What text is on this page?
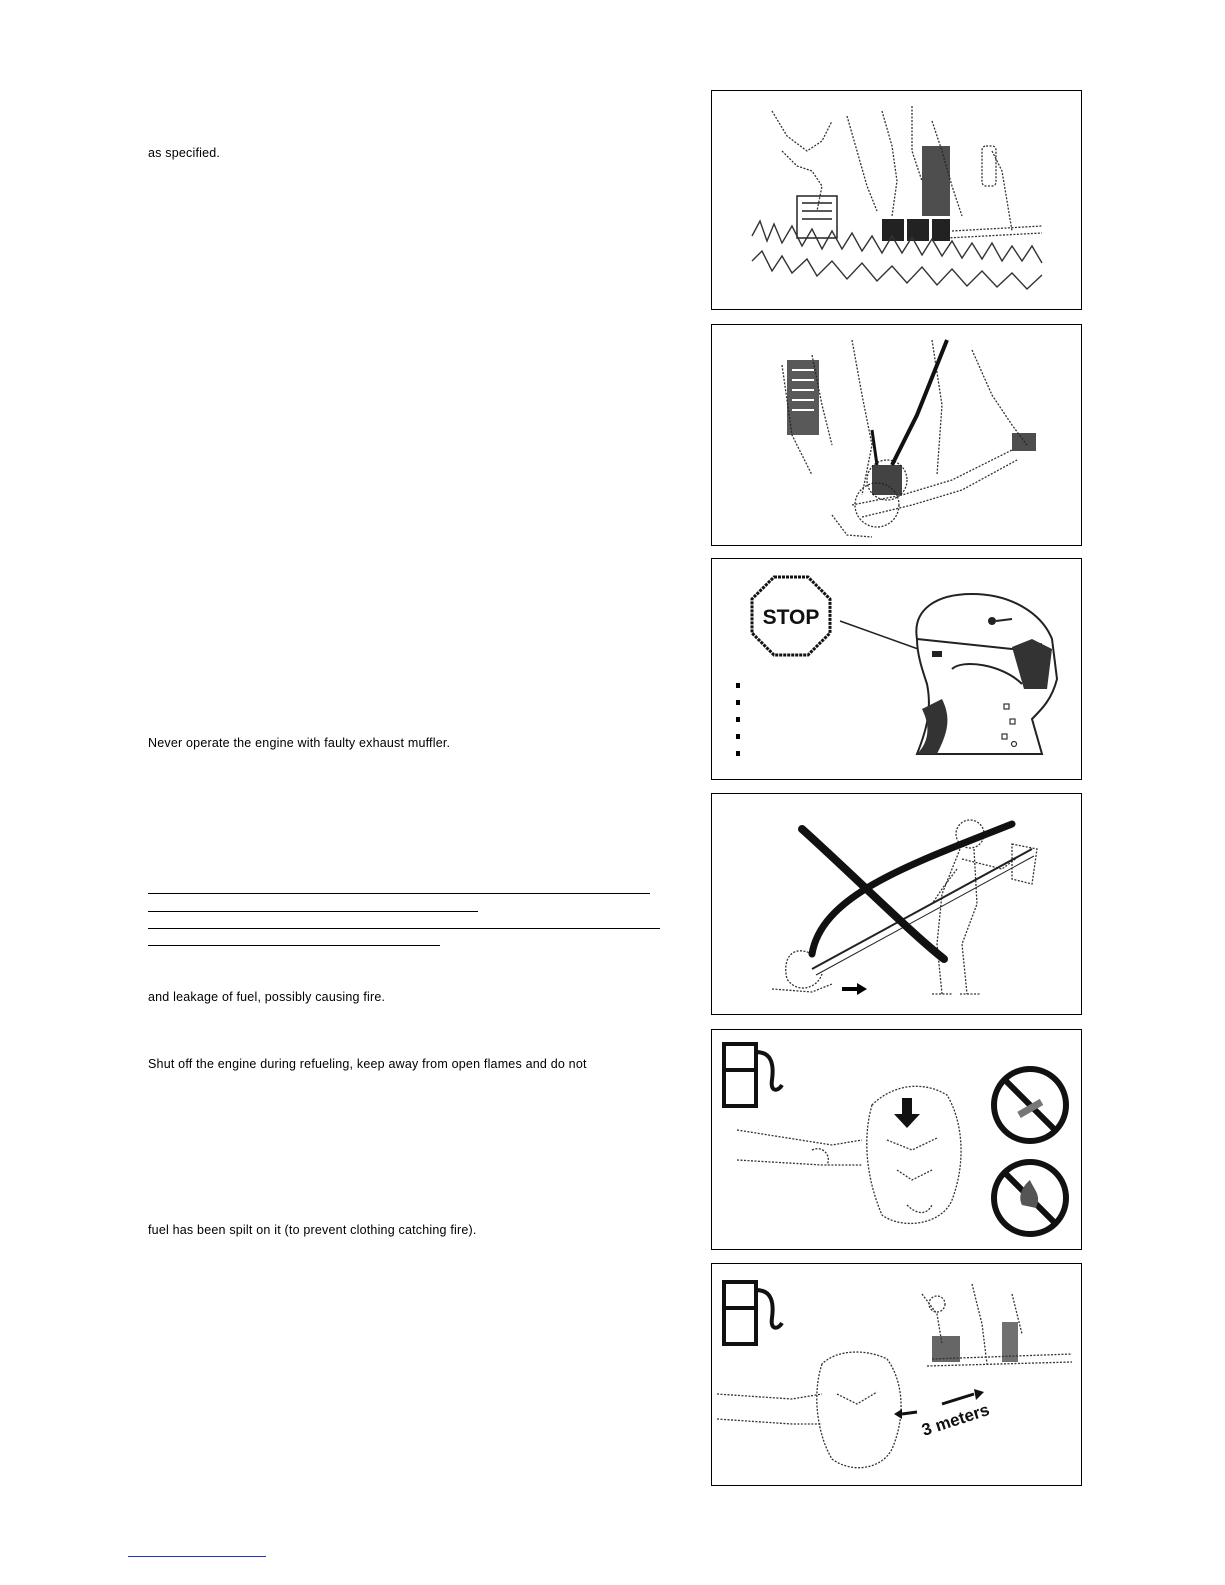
as specified.
Never operate the engine with faulty exhaust muffler.
and leakage of fuel, possibly causing fire.
Shut off the engine during refueling, keep away from open flames and do not
fuel has been spilt on it (to prevent clothing catching fire).
STOP
3 meters
